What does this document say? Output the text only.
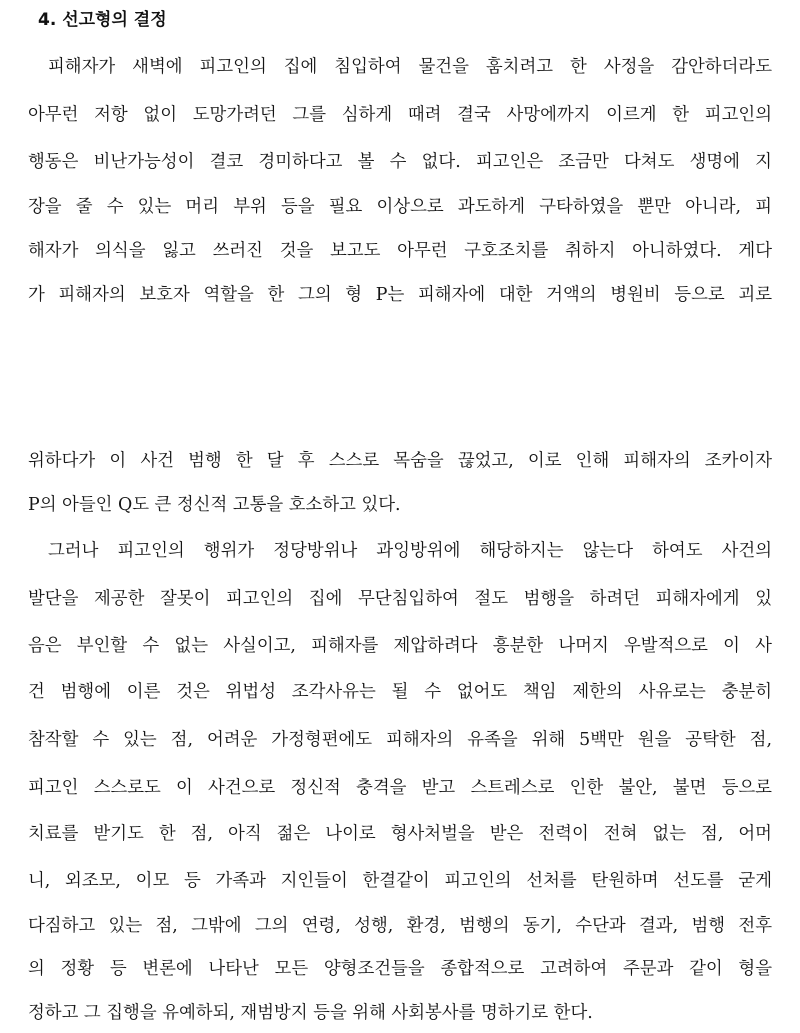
4. 선고형의 결정
피해자가 새벽에 피고인의 집에 침입하여 물건을 훔치려고 한 사정을 감안하더라도
아무런 저항 없이 도망가려던 그를 심하게 때려 결국 사망에까지 이르게 한 피고인의
행동은 비난가능성이 결코 경미하다고 볼 수 없다. 피고인은 조금만 다쳐도 생명에 지
장을 줄 수 있는 머리 부위 등을 필요 이상으로 과도하게 구타하였을 뿐만 아니라, 피
해자가 의식을 잃고 쓰러진 것을 보고도 아무런 구호조치를 취하지 아니하였다. 게다
가 피해자의 보호자 역할을 한 그의 형 P는 피해자에 대한 거액의 병원비 등으로 괴로
위하다가 이 사건 범행 한 달 후 스스로 목숨을 끊었고, 이로 인해 피해자의 조카이자
P의 아들인 Q도 큰 정신적 고통을 호소하고 있다.
그러나 피고인의 행위가 정당방위나 과잉방위에 해당하지는 않는다 하여도 사건의
발단을 제공한 잘못이 피고인의 집에 무단침입하여 절도 범행을 하려던 피해자에게 있
음은 부인할 수 없는 사실이고, 피해자를 제압하려다 흥분한 나머지 우발적으로 이 사
건 범행에 이른 것은 위법성 조각사유는 될 수 없어도 책임 제한의 사유로는 충분히
참작할 수 있는 점, 어려운 가정형편에도 피해자의 유족을 위해 5백만 원을 공탁한 점,
피고인 스스로도 이 사건으로 정신적 충격을 받고 스트레스로 인한 불안, 불면 등으로
치료를 받기도 한 점, 아직 젊은 나이로 형사처벌을 받은 전력이 전혀 없는 점, 어머
니, 외조모, 이모 등 가족과 지인들이 한결같이 피고인의 선처를 탄원하며 선도를 굳게
다짐하고 있는 점, 그밖에 그의 연령, 성행, 환경, 범행의 동기, 수단과 결과, 범행 전후
의 정황 등 변론에 나타난 모든 양형조건들을 종합적으로 고려하여 주문과 같이 형을
정하고 그 집행을 유예하되, 재범방지 등을 위해 사회봉사를 명하기로 한다.
